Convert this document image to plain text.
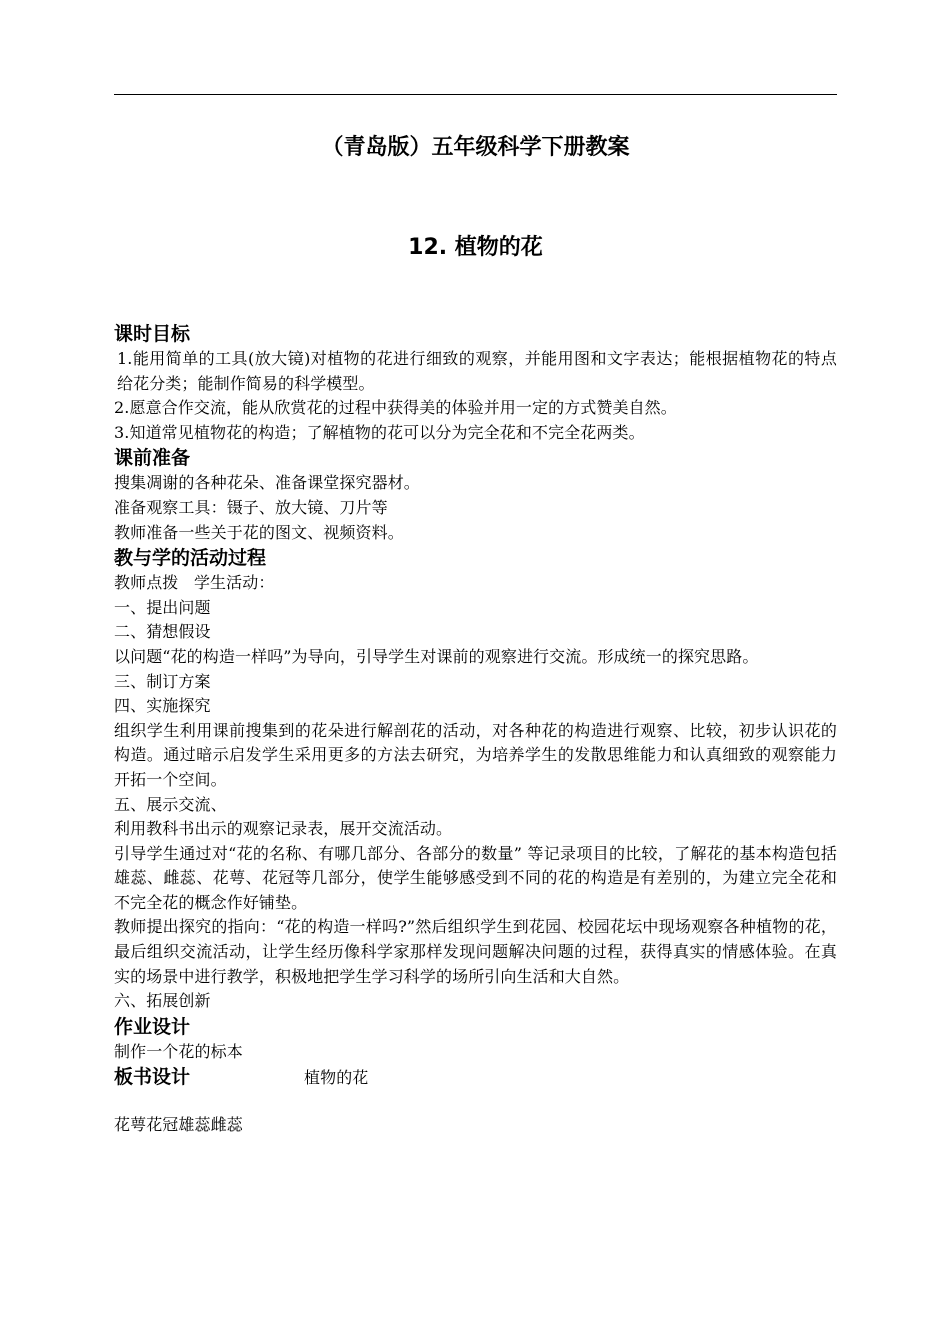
（青岛版）五年级科学下册教案
12. 植物的花

课时目标

1.能用简单的工具(放大镜)对植物的花进行细致的观察，并能用图和文字表达；能根据植物花的特点给花分类；能制作简易的科学模型。

2.愿意合作交流，能从欣赏花的过程中获得美的体验并用一定的方式赞美自然。

3.知道常见植物花的构造；了解植物的花可以分为完全花和不完全花两类。

课前准备

搜集凋谢的各种花朵、准备课堂探究器材。

准备观察工具：镊子、放大镜、刀片等

教师准备一些关于花的图文、视频资料。

教与学的活动过程

教师点拨   学生活动：

一、提出问题

二、猜想假设

以问题“花的构造一样吗”为导向，引导学生对课前的观察进行交流。形成统一的探究思路。

三、制订方案

四、实施探究

组织学生利用课前搜集到的花朵进行解剖花的活动，对各种花的构造进行观察、比较，初步认识花的构造。通过暗示启发学生采用更多的方法去研究，为培养学生的发散思维能力和认真细致的观察能力开拓一个空间。

五、展示交流、

利用教科书出示的观察记录表，展开交流活动。

引导学生通过对“花的名称、有哪几部分、各部分的数量” 等记录项目的比较，了解花的基本构造包括雄蕊、雌蕊、花萼、花冠等几部分，使学生能够感受到不同的花的构造是有差别的，为建立完全花和不完全花的概念作好铺垫。

教师提出探究的指向：“花的构造一样吗?”然后组织学生到花园、校园花坛中现场观察各种植物的花，最后组织交流活动，让学生经历像科学家那样发现问题解决问题的过程，获得真实的情感体验。在真实的场景中进行教学，积极地把学生学习科学的场所引向生活和大自然。

六、拓展创新

作业设计

制作一个花的标本

板书设计	植物的花

花萼花冠雄蕊雌蕊
